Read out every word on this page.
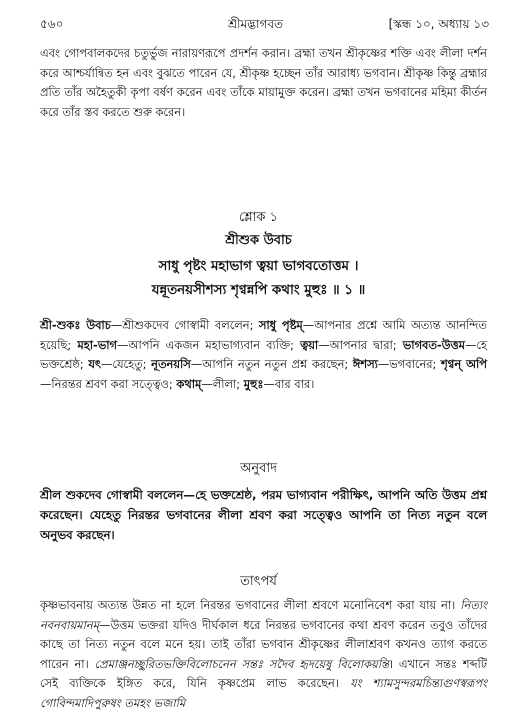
৫৬০	শ্রীমদ্ভাগবত	[স্কন্ধ ১০, অধ্যায় ১৩

এবং গোপবালকদের চতুর্ভুজ নারায়ণরূপে প্রদর্শন করান। ব্রহ্মা তখন শ্রীকৃষ্ণের শক্তি এবং লীলা দর্শন করে আশ্চর্যান্বিত হন এবং বুঝতে পারেন যে, শ্রীকৃষ্ণ হচ্ছেন তাঁর আরাধ্য ভগবান। শ্রীকৃষ্ণ কিন্তু ব্রহ্মার প্রতি তাঁর অহৈতুকী কৃপা বর্ষণ করেন এবং তাঁকে মায়ামুক্ত করেন। ব্রহ্মা তখন ভগবানের মহিমা কীর্তন করে তাঁর স্তব করতে শুরু করেন।

শ্লোক ১
শ্রীশুক উবাচ
সাধু পৃষ্টং মহাভাগ ত্বয়া ভাগবতোত্তম ।
যন্নূতনয়সীশস্য শৃণ্বন্নপি কথাং মুহুঃ ॥ ১ ॥

শ্রী-শুকঃ উবাচ—শ্রীশুকদেব গোস্বামী বললেন; সাধু পৃষ্টম্—আপনার প্রশ্নে আমি অত্যন্ত আনন্দিত হয়েছি; মহা-ভাগ—আপনি একজন মহাভাগ্যবান ব্যক্তি; ত্বয়া—আপনার দ্বারা; ভাগবত-উত্তম—হে ভক্তশ্রেষ্ঠ; যৎ—যেহেতু; নূতনয়সি—আপনি নতুন নতুন প্রশ্ন করছেন; ঈশস্য—ভগবানের; শৃণ্বন্ অপি—নিরন্তর শ্রবণ করা সত্ত্বেও; কথাম্—লীলা; মুহুঃ—বার বার।

অনুবাদ

শ্রীল শুকদেব গোস্বামী বললেন—হে ভক্তশ্রেষ্ঠ, পরম ভাগ্যবান পরীক্ষিৎ, আপনি অতি উত্তম প্রশ্ন করেছেন। যেহেতু নিরন্তর ভগবানের লীলা শ্রবণ করা সত্ত্বেও আপনি তা নিত্য নতুন বলে অনুভব করছেন।

তাৎপর্য

কৃষ্ণভাবনায় অত্যন্ত উন্নত না হলে নিরন্তর ভগবানের লীলা শ্রবণে মনোনিবেশ করা যায় না। নিত্যং নবনবায়মানম্—উত্তম ভক্তরা যদিও দীর্ঘকাল ধরে নিরন্তর ভগবানের কথা শ্রবণ করেন তবুও তাঁদের কাছে তা নিত্য নতুন বলে মনে হয়। তাই তাঁরা ভগবান শ্রীকৃষ্ণের লীলাশ্রবণ কখনও ত্যাগ করতে পারেন না। প্রেমাঞ্জনচ্ছুরিতভক্তিবিলোচনেন সন্তঃ সদৈব হৃদয়েষু বিলোকয়ন্তি। এখানে সন্তঃ শব্দটি সেই ব্যক্তিকে ইঙ্গিত করে, যিনি কৃষ্ণপ্রেম লাভ করেছেন। যং শ্যামসুন্দরমচিন্ত্যগুণস্বরূপং গোবিন্দমাদিপুরুষং তমহং ভজামি
